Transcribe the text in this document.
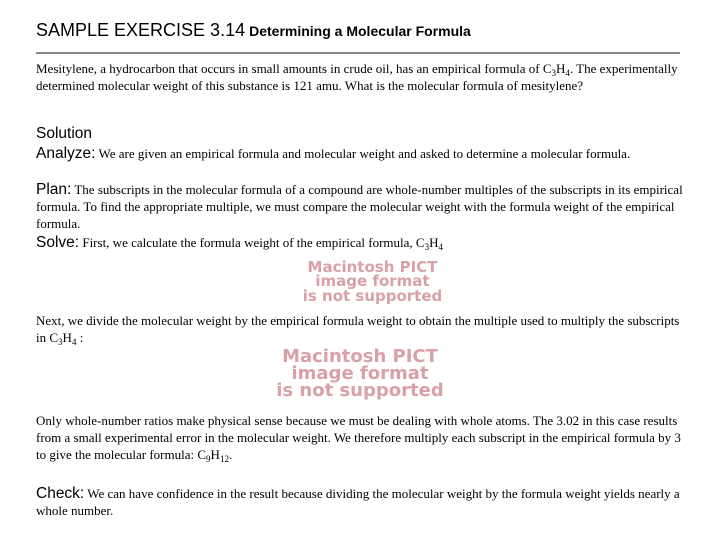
SAMPLE EXERCISE 3.14 Determining a Molecular Formula
Mesitylene, a hydrocarbon that occurs in small amounts in crude oil, has an empirical formula of $C_3H_4$. The experimentally determined molecular weight of this substance is 121 amu. What is the molecular formula of mesitylene?
Solution
Analyze: We are given an empirical formula and molecular weight and asked to determine a molecular formula.
Plan: The subscripts in the molecular formula of a compound are whole-number multiples of the subscripts in its empirical formula. To find the appropriate multiple, we must compare the molecular weight with the formula weight of the empirical formula.
Solve: First, we calculate the formula weight of the empirical formula, $C_3H_4$
Macintosh PICT
image format
is not supported
Next, we divide the molecular weight by the empirical formula weight to obtain the multiple used to multiply the subscripts in $C_3H_4$ :
Macintosh PICT
image format
is not supported
Only whole-number ratios make physical sense because we must be dealing with whole atoms. The 3.02 in this case results from a small experimental error in the molecular weight. We therefore multiply each subscript in the empirical formula by 3 to give the molecular formula: $C_9H_{12}$.
Check: We can have confidence in the result because dividing the molecular weight by the formula weight yields nearly a whole number.
